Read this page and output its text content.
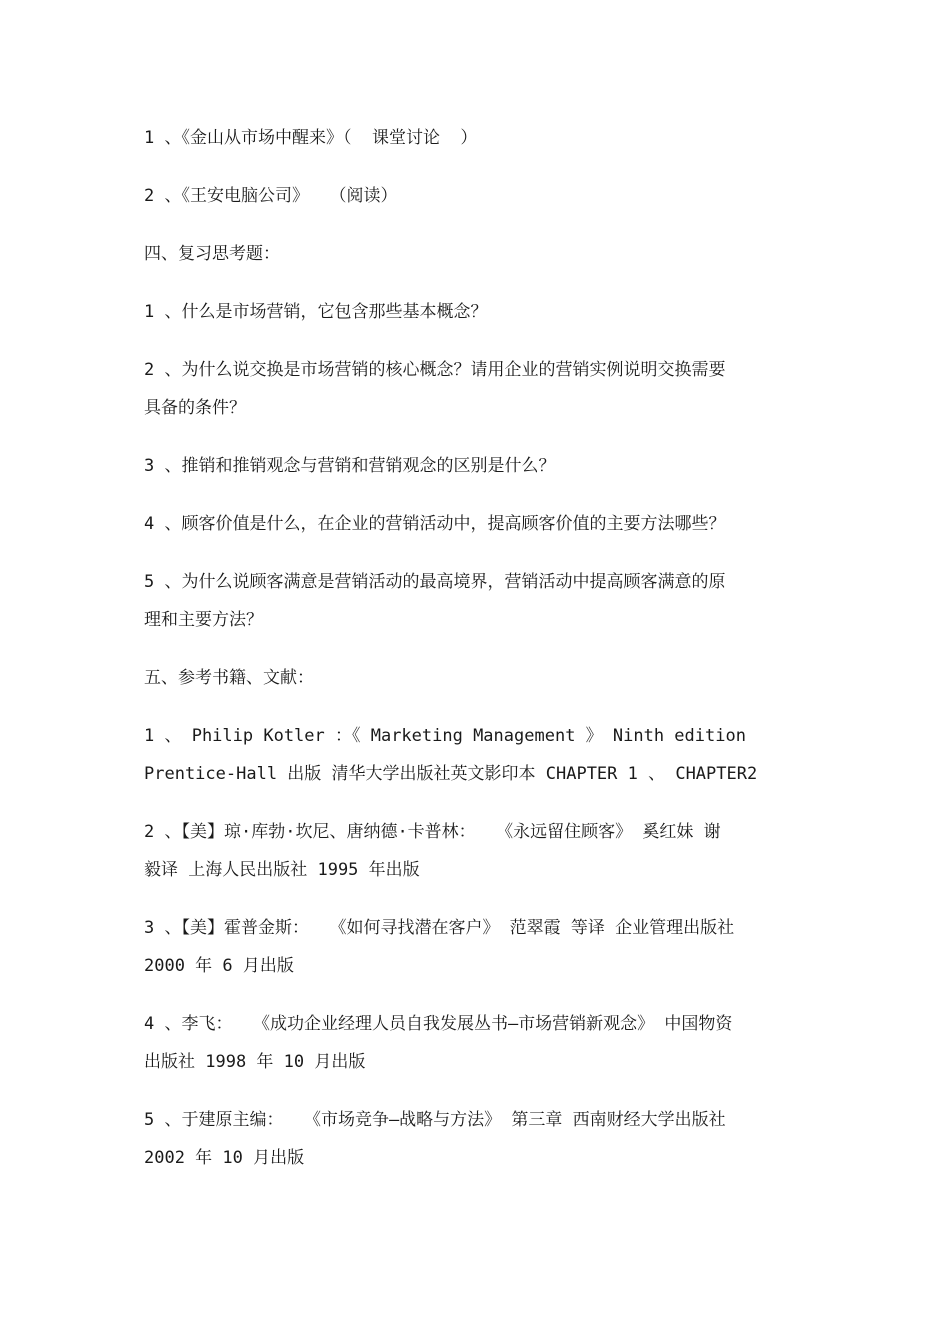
1 、《金山从市场中醒来》（  课堂讨论  ）
2 、《王安电脑公司》  （阅读）
四、复习思考题：
1 、什么是市场营销，它包含那些基本概念？
2 、为什么说交换是市场营销的核心概念？请用企业的营销实例说明交换需要
具备的条件？
3 、推销和推销观念与营销和营销观念的区别是什么？
4 、顾客价值是什么，在企业的营销活动中，提高顾客价值的主要方法哪些？
5 、为什么说顾客满意是营销活动的最高境界，营销活动中提高顾客满意的原
理和主要方法？
五、参考书籍、文献：
1 、 Philip Kotler ：《 Marketing Management 》 Ninth edition
Prentice-Hall 出版 清华大学出版社英文影印本 CHAPTER 1 、 CHAPTER2
2 、【美】琼·库勃·坎尼、唐纳德·卡普林：  《永远留住顾客》 奚红妹 谢
毅译 上海人民出版社 1995 年出版
3 、【美】霍普金斯：  《如何寻找潜在客户》 范翠霞 等译 企业管理出版社
2000 年 6 月出版
4 、李飞：  《成功企业经理人员自我发展丛书—市场营销新观念》 中国物资
出版社 1998 年 10 月出版
5 、于建原主编：  《市场竞争—战略与方法》 第三章 西南财经大学出版社
2002 年 10 月出版
